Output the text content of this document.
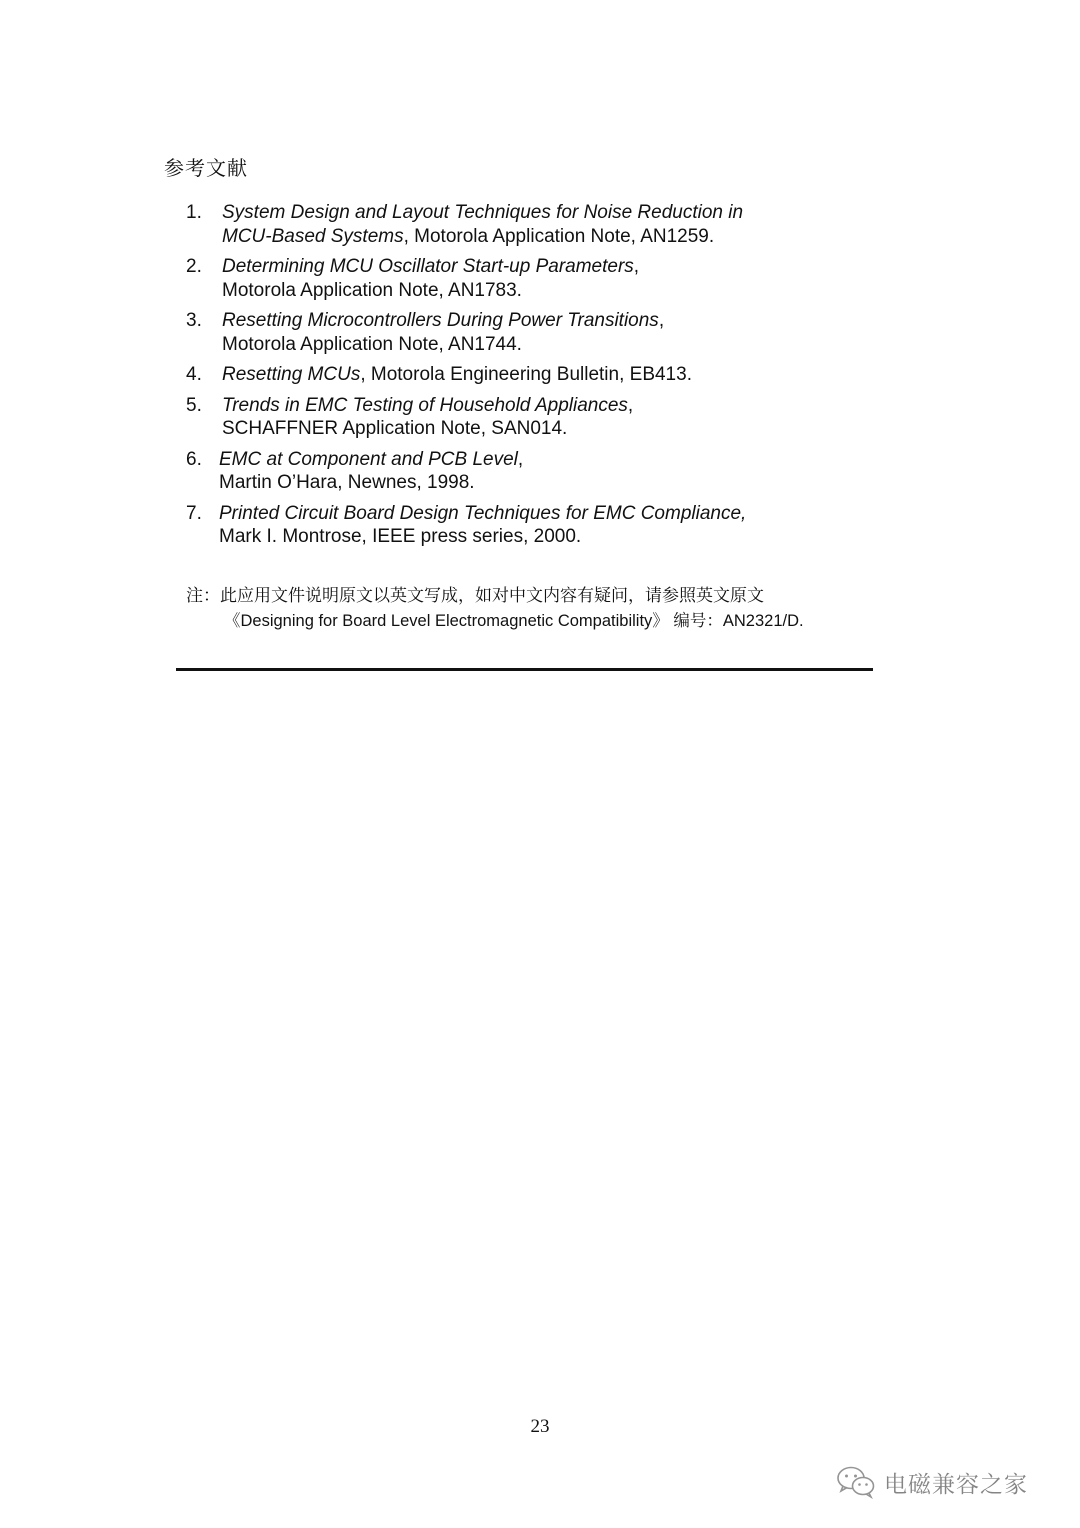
参考文献
1.	System Design and Layout Techniques for Noise Reduction in
MCU-Based Systems, Motorola Application Note, AN1259.
2.	Determining MCU Oscillator Start-up Parameters,
Motorola Application Note, AN1783.
3.	Resetting Microcontrollers During Power Transitions,
Motorola Application Note, AN1744.
4.	Resetting MCUs, Motorola Engineering Bulletin, EB413.
5.	Trends in EMC Testing of Household Appliances,
SCHAFFNER Application Note, SAN014.
6. EMC at Component and PCB Level,
Martin O’Hara, Newnes, 1998.
7. Printed Circuit Board Design Techniques for EMC Compliance,
Mark I. Montrose, IEEE press series, 2000.
注：此应用文件说明原文以英文写成，如对中文内容有疑问，请参照英文原文
《Designing for Board Level Electromagnetic Compatibility》 编号：AN2321/D.
23
电磁兼容之家
